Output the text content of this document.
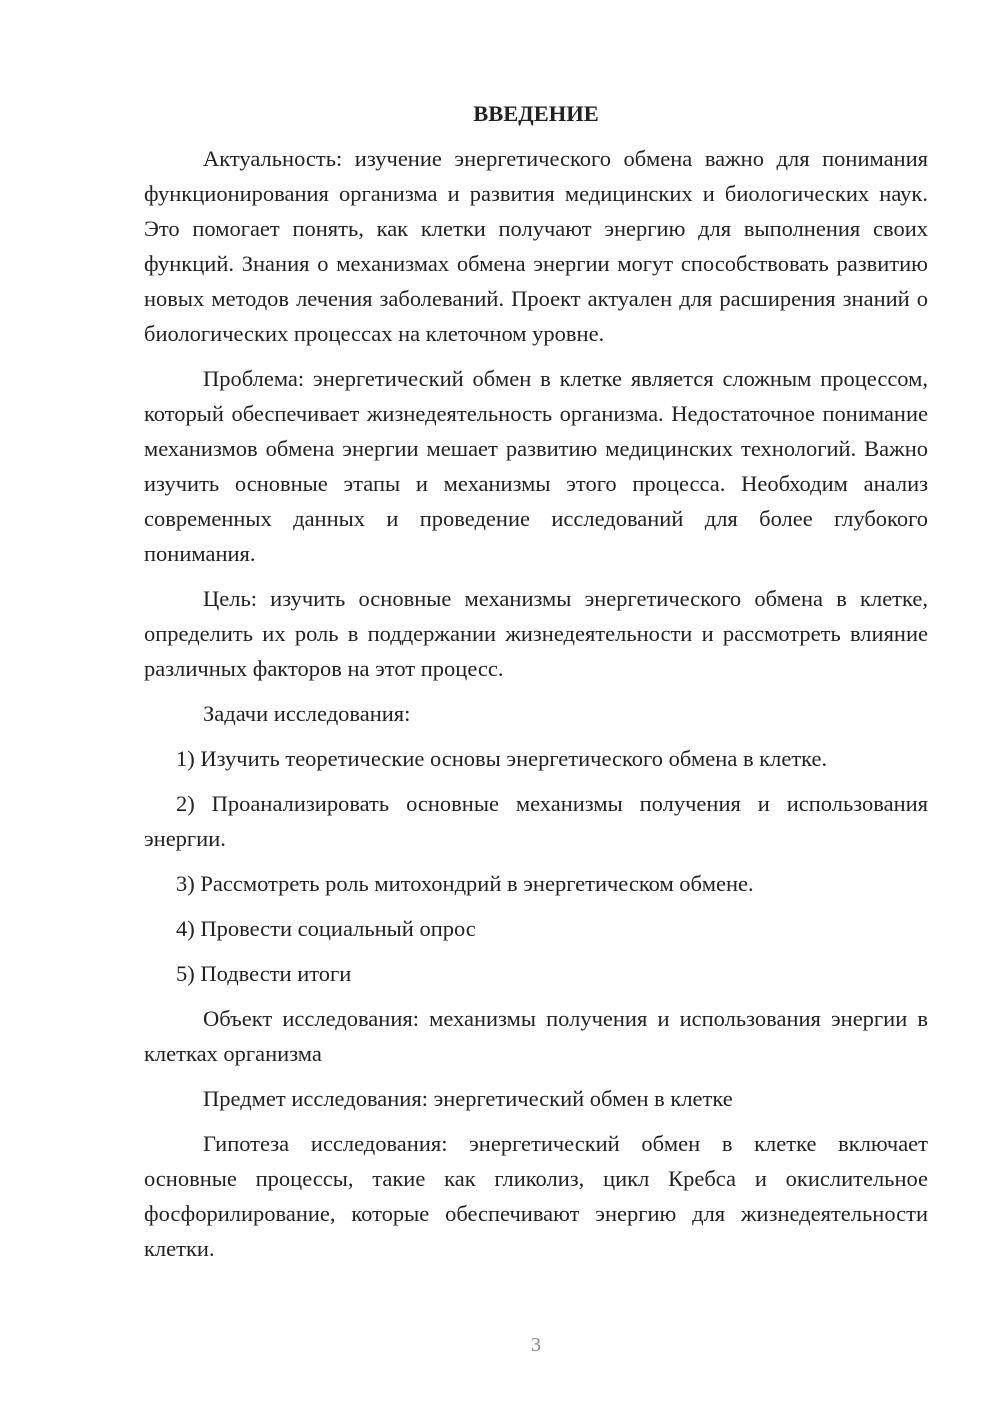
ВВЕДЕНИЕ

Актуальность: изучение энергетического обмена важно для понимания функционирования организма и развития медицинских и биологических наук. Это помогает понять, как клетки получают энергию для выполнения своих функций. Знания о механизмах обмена энергии могут способствовать развитию новых методов лечения заболеваний. Проект актуален для расширения знаний о биологических процессах на клеточном уровне.

Проблема: энергетический обмен в клетке является сложным процессом, который обеспечивает жизнедеятельность организма. Недостаточное понимание механизмов обмена энергии мешает развитию медицинских технологий. Важно изучить основные этапы и механизмы этого процесса. Необходим анализ современных данных и проведение исследований для более глубокого понимания.

Цель: изучить основные механизмы энергетического обмена в клетке, определить их роль в поддержании жизнедеятельности и рассмотреть влияние различных факторов на этот процесс.

Задачи исследования:

1) Изучить теоретические основы энергетического обмена в клетке.

2) Проанализировать основные механизмы получения и использования энергии.

3) Рассмотреть роль митохондрий в энергетическом обмене.

4) Провести социальный опрос

5) Подвести итоги

Объект исследования: механизмы получения и использования энергии в клетках организма

Предмет исследования: энергетический обмен в клетке

Гипотеза исследования: энергетический обмен в клетке включает основные процессы, такие как гликолиз, цикл Кребса и окислительное фосфорилирование, которые обеспечивают энергию для жизнедеятельности клетки.

3
